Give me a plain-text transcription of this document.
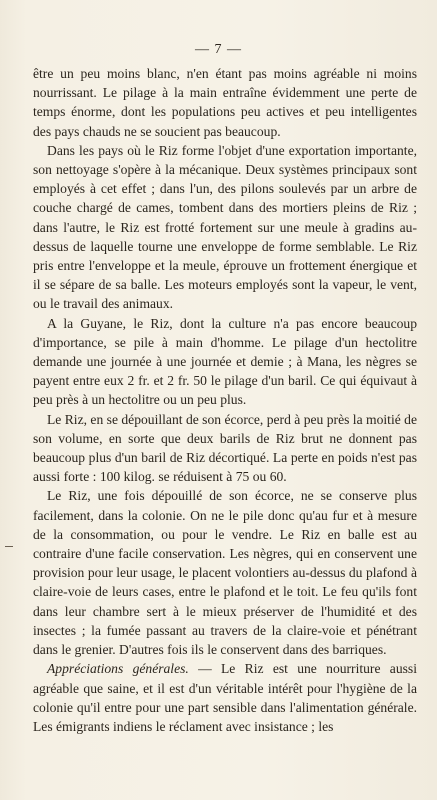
— 7 —

être un peu moins blanc, n'en étant pas moins agréable ni moins nourrissant. Le pilage à la main entraîne évidemment une perte de temps énorme, dont les populations peu actives et peu intelligentes des pays chauds ne se soucient pas beaucoup.

Dans les pays où le Riz forme l'objet d'une exportation importante, son nettoyage s'opère à la mécanique. Deux systèmes principaux sont employés à cet effet ; dans l'un, des pilons soulevés par un arbre de couche chargé de cames, tombent dans des mortiers pleins de Riz ; dans l'autre, le Riz est frotté fortement sur une meule à gradins au-dessus de laquelle tourne une enveloppe de forme semblable. Le Riz pris entre l'enveloppe et la meule, éprouve un frottement énergique et il se sépare de sa balle. Les moteurs employés sont la vapeur, le vent, ou le travail des animaux.

A la Guyane, le Riz, dont la culture n'a pas encore beaucoup d'importance, se pile à main d'homme. Le pilage d'un hectolitre demande une journée à une journée et demie ; à Mana, les nègres se payent entre eux 2 fr. et 2 fr. 50 le pilage d'un baril. Ce qui équivaut à peu près à un hectolitre ou un peu plus.

Le Riz, en se dépouillant de son écorce, perd à peu près la moitié de son volume, en sorte que deux barils de Riz brut ne donnent pas beaucoup plus d'un baril de Riz décortiqué. La perte en poids n'est pas aussi forte : 100 kilog. se réduisent à 75 ou 60.

Le Riz, une fois dépouillé de son écorce, ne se conserve plus facilement, dans la colonie. On ne le pile donc qu'au fur et à mesure de la consommation, ou pour le vendre. Le Riz en balle est au contraire d'une facile conservation. Les nègres, qui en conservent une provision pour leur usage, le placent volontiers au-dessus du plafond à claire-voie de leurs cases, entre le plafond et le toit. Le feu qu'ils font dans leur chambre sert à le mieux préserver de l'humidité et des insectes ; la fumée passant au travers de la claire-voie et pénétrant dans le grenier. D'autres fois ils le conservent dans des barriques.

Appréciations générales. — Le Riz est une nourriture aussi agréable que saine, et il est d'un véritable intérêt pour l'hygiène de la colonie qu'il entre pour une part sensible dans l'alimentation générale. Les émigrants indiens le réclament avec insistance ; les
